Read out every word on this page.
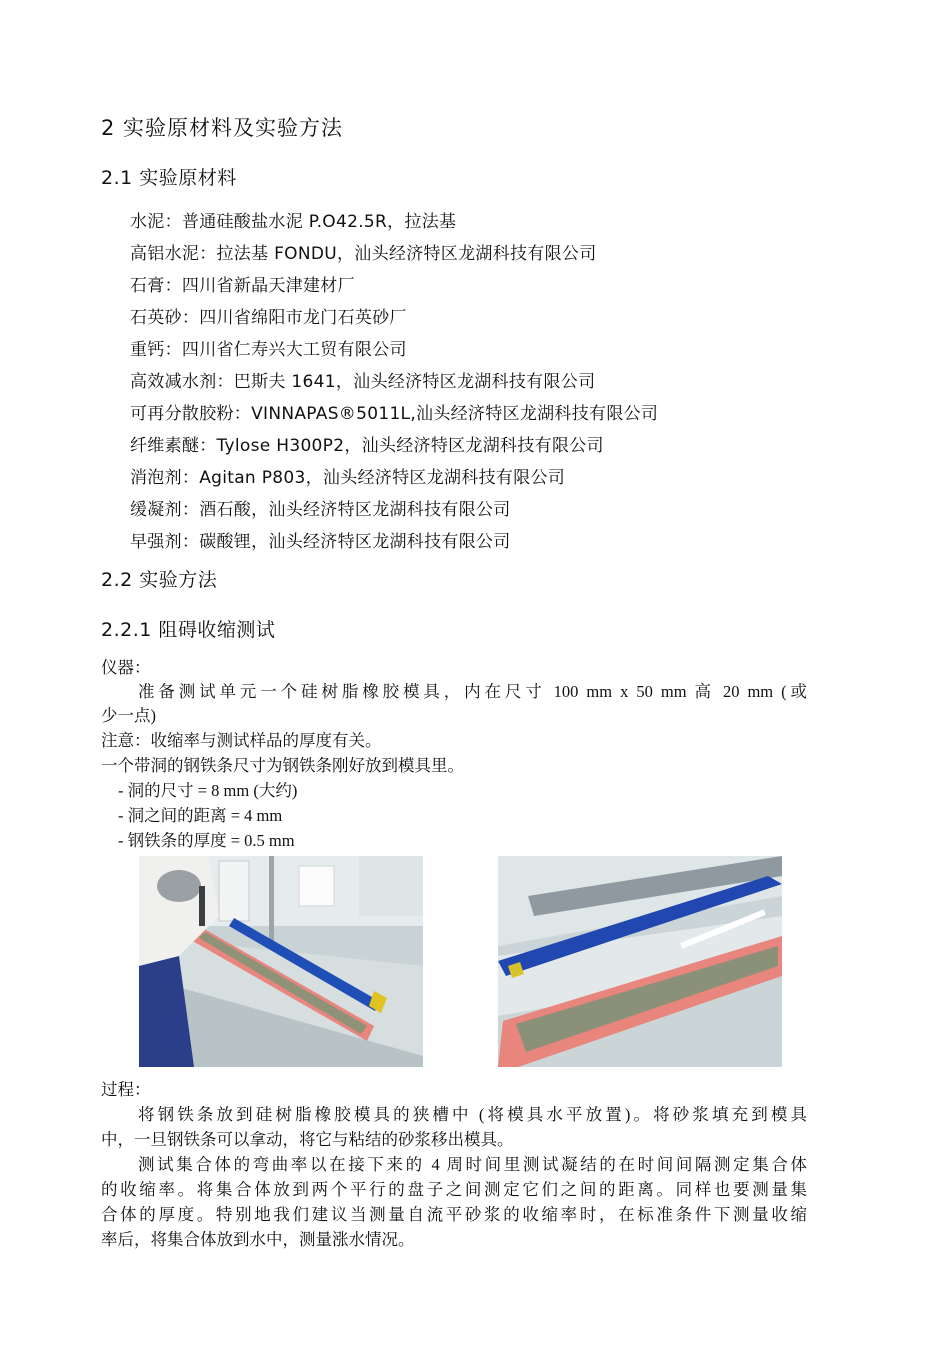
2 实验原材料及实验方法
2.1 实验原材料
水泥：普通硅酸盐水泥 P.O42.5R，拉法基
高铝水泥：拉法基 FONDU，汕头经济特区龙湖科技有限公司
石膏：四川省新晶天津建材厂
石英砂：四川省绵阳市龙门石英砂厂
重钙：四川省仁寿兴大工贸有限公司
高效减水剂：巴斯夫 1641，汕头经济特区龙湖科技有限公司
可再分散胶粉：VINNAPAS®5011L,汕头经济特区龙湖科技有限公司
纤维素醚：Tylose H300P2，汕头经济特区龙湖科技有限公司
消泡剂：Agitan P803，汕头经济特区龙湖科技有限公司
缓凝剂：酒石酸，汕头经济特区龙湖科技有限公司
早强剂：碳酸锂，汕头经济特区龙湖科技有限公司
2.2 实验方法
2.2.1 阻碍收缩测试
仪器：
准备测试单元一个硅树脂橡胶模具，内在尺寸 100 mm x 50 mm 高 20 mm (或
少一点)
注意：收缩率与测试样品的厚度有关。
一个带洞的钢铁条尺寸为钢铁条刚好放到模具里。
- 洞的尺寸 = 8 mm (大约)
- 洞之间的距离 = 4 mm
- 钢铁条的厚度 = 0.5 mm
过程：
将钢铁条放到硅树脂橡胶模具的狭槽中 (将模具水平放置)。将砂浆填充到模具
中，一旦钢铁条可以拿动，将它与粘结的砂浆移出模具。
测试集合体的弯曲率以在接下来的 4 周时间里测试凝结的在时间间隔测定集合体
的收缩率。将集合体放到两个平行的盘子之间测定它们之间的距离。同样也要测量集
合体的厚度。特别地我们建议当测量自流平砂浆的收缩率时，在标准条件下测量收缩
率后，将集合体放到水中，测量涨水情况。
